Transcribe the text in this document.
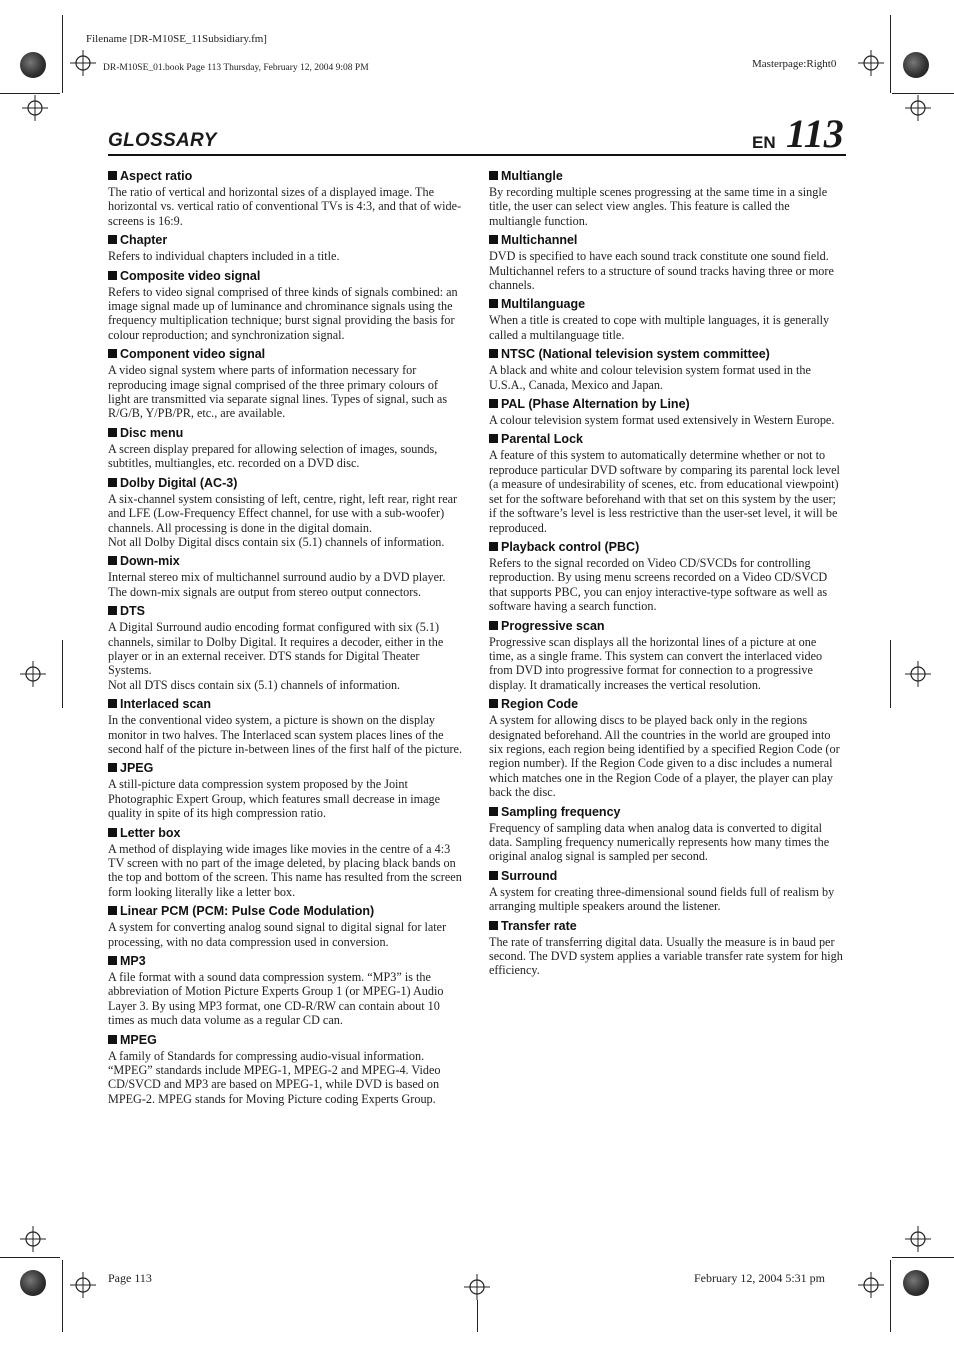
Filename [DR-M10SE_11Subsidiary.fm]
DR-M10SE_01.book Page 113 Thursday, February 12, 2004 9:08 PM	Masterpage:Right0
GLOSSARY	EN 113
Aspect ratio

The ratio of vertical and horizontal sizes of a displayed image. The horizontal vs. vertical ratio of conventional TVs is 4:3, and that of wide-screens is 16:9.

Chapter

Refers to individual chapters included in a title.

Composite video signal

Refers to video signal comprised of three kinds of signals combined: an image signal made up of luminance and chrominance signals using the frequency multiplication technique; burst signal providing the basis for colour reproduction; and synchronization signal.

Component video signal

A video signal system where parts of information necessary for reproducing image signal comprised of the three primary colours of light are transmitted via separate signal lines. Types of signal, such as R/G/B, Y/PB/PR, etc., are available.

Disc menu

A screen display prepared for allowing selection of images, sounds, subtitles, multiangles, etc. recorded on a DVD disc.

Dolby Digital (AC-3)

A six-channel system consisting of left, centre, right, left rear, right rear and LFE (Low-Frequency Effect channel, for use with a sub-woofer) channels. All processing is done in the digital domain.

Not all Dolby Digital discs contain six (5.1) channels of information.

Down-mix

Internal stereo mix of multichannel surround audio by a DVD player. The down-mix signals are output from stereo output connectors.

DTS

A Digital Surround audio encoding format configured with six (5.1) channels, similar to Dolby Digital. It requires a decoder, either in the player or in an external receiver. DTS stands for Digital Theater Systems.

Not all DTS discs contain six (5.1) channels of information.

Interlaced scan

In the conventional video system, a picture is shown on the display monitor in two halves. The Interlaced scan system places lines of the second half of the picture in-between lines of the first half of the picture.

JPEG

A still-picture data compression system proposed by the Joint Photographic Expert Group, which features small decrease in image quality in spite of its high compression ratio.

Letter box

A method of displaying wide images like movies in the centre of a 4:3 TV screen with no part of the image deleted, by placing black bands on the top and bottom of the screen. This name has resulted from the screen form looking literally like a letter box.

Linear PCM (PCM: Pulse Code Modulation)

A system for converting analog sound signal to digital signal for later processing, with no data compression used in conversion.

MP3

A file format with a sound data compression system. “MP3” is the abbreviation of Motion Picture Experts Group 1 (or MPEG-1) Audio Layer 3. By using MP3 format, one CD-R/RW can contain about 10 times as much data volume as a regular CD can.

MPEG

A family of Standards for compressing audio-visual information. “MPEG” standards include MPEG-1, MPEG-2 and MPEG-4. Video CD/SVCD and MP3 are based on MPEG-1, while DVD is based on MPEG-2. MPEG stands for Moving Picture coding Experts Group.

Multiangle

By recording multiple scenes progressing at the same time in a single title, the user can select view angles. This feature is called the multiangle function.

Multichannel

DVD is specified to have each sound track constitute one sound field. Multichannel refers to a structure of sound tracks having three or more channels.

Multilanguage

When a title is created to cope with multiple languages, it is generally called a multilanguage title.

NTSC (National television system committee)

A black and white and colour television system format used in the U.S.A., Canada, Mexico and Japan.

PAL (Phase Alternation by Line)

A colour television system format used extensively in Western Europe.

Parental Lock

A feature of this system to automatically determine whether or not to reproduce particular DVD software by comparing its parental lock level (a measure of undesirability of scenes, etc. from educational viewpoint) set for the software beforehand with that set on this system by the user; if the software’s level is less restrictive than the user-set level, it will be reproduced.

Playback control (PBC)

Refers to the signal recorded on Video CD/SVCDs for controlling reproduction. By using menu screens recorded on a Video CD/SVCD that supports PBC, you can enjoy interactive-type software as well as software having a search function.

Progressive scan

Progressive scan displays all the horizontal lines of a picture at one time, as a single frame. This system can convert the interlaced video from DVD into progressive format for connection to a progressive display. It dramatically increases the vertical resolution.

Region Code

A system for allowing discs to be played back only in the regions designated beforehand. All the countries in the world are grouped into six regions, each region being identified by a specified Region Code (or region number). If the Region Code given to a disc includes a numeral which matches one in the Region Code of a player, the player can play back the disc.

Sampling frequency

Frequency of sampling data when analog data is converted to digital data. Sampling frequency numerically represents how many times the original analog signal is sampled per second.

Surround

A system for creating three-dimensional sound fields full of realism by arranging multiple speakers around the listener.

Transfer rate

The rate of transferring digital data. Usually the measure is in baud per second. The DVD system applies a variable transfer rate system for high efficiency.

Page 113	February 12, 2004 5:31 pm
